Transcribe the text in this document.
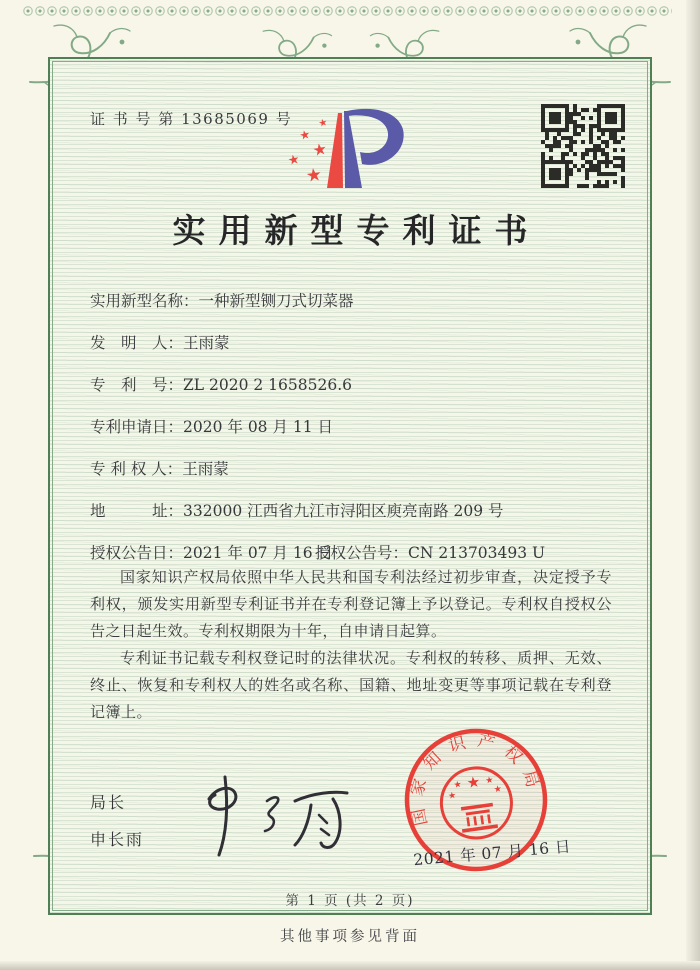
证 书 号 第 13685069 号	★
★
★
★
★
实用新型专利证书
实用新型名称：一种新型铡刀式切菜器
发　明　人：王雨蒙
专　利　号：ZL 2020 2 1658526.6
专利申请日：2020 年 08 月 11 日
专 利 权 人：王雨蒙
地　　　址：332000 江西省九江市浔阳区庾亮南路 209 号
授权公告日：2021 年 07 月 16 日
授权公告号：CN 213703493 U

国家知识产权局依照中华人民共和国专利法经过初步审查，决定授予专利权，颁发实用新型专利证书并在专利登记簿上予以登记。专利权自授权公告之日起生效。专利权期限为十年，自申请日起算。

专利证书记载专利权登记时的法律状况。专利权的转移、质押、无效、终止、恢复和专利权人的姓名或名称、国籍、地址变更等事项记载在专利登记簿上。

局长
申长雨
国家知识产权局
★
★ ★
★
★
2021 年 07 月 16 日
第 1 页 (共 2 页)
其他事项参见背面
